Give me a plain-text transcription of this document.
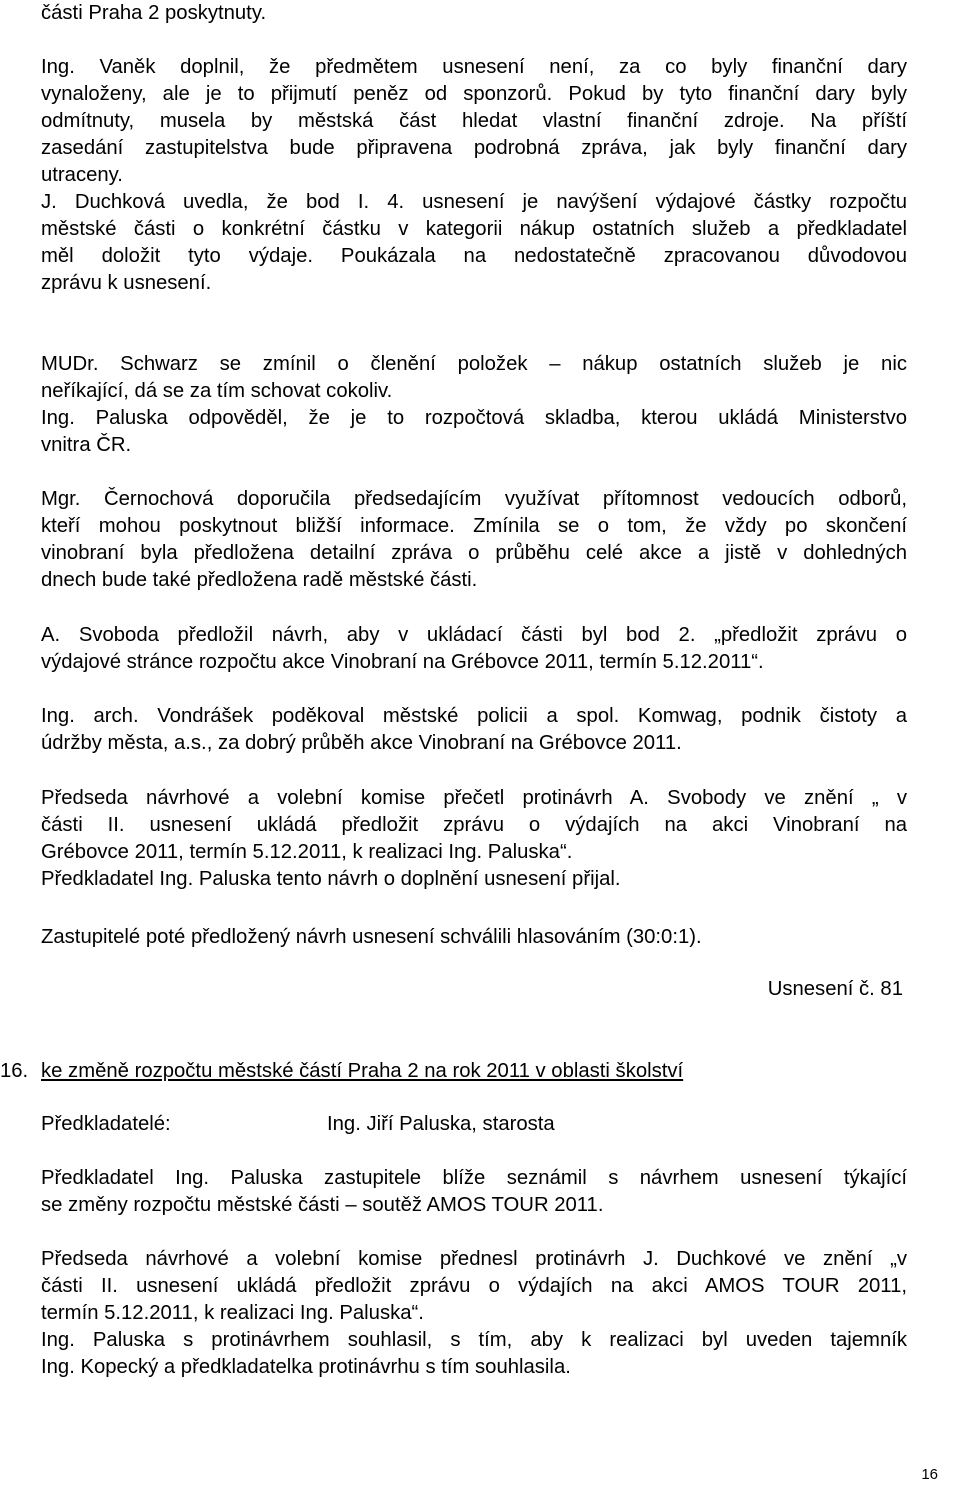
části Praha 2 poskytnuty.
Ing. Vaněk doplnil, že předmětem usnesení není, za co byly finanční dary
vynaloženy, ale je to přijmutí peněz od sponzorů. Pokud by tyto finanční dary byly
odmítnuty, musela by městská část hledat vlastní finanční zdroje. Na příští
zasedání zastupitelstva bude připravena podrobná zpráva, jak byly finanční dary
utraceny.
J. Duchková uvedla, že bod I. 4. usnesení je navýšení výdajové částky rozpočtu
městské části o konkrétní částku v kategorii nákup ostatních služeb a předkladatel
měl doložit tyto výdaje. Poukázala na nedostatečně zpracovanou důvodovou
zprávu k usnesení.
MUDr. Schwarz se zmínil o členění položek – nákup ostatních služeb je nic
neříkající, dá se za tím schovat cokoliv.
Ing. Paluska odpověděl, že je to rozpočtová skladba, kterou ukládá Ministerstvo
vnitra ČR.
Mgr. Černochová doporučila předsedajícím využívat přítomnost vedoucích odborů,
kteří mohou poskytnout bližší informace. Zmínila se o tom, že vždy po skončení
vinobraní byla předložena detailní zpráva o průběhu celé akce a jistě v dohledných
dnech bude také předložena radě městské části.
A. Svoboda předložil návrh, aby v ukládací části byl bod 2. „předložit zprávu o
výdajové stránce rozpočtu akce Vinobraní na Grébovce 2011, termín 5.12.2011“.
Ing. arch. Vondrášek poděkoval městské policii a spol. Komwag, podnik čistoty a
údržby města, a.s., za dobrý průběh akce Vinobraní na Grébovce 2011.
Předseda návrhové a volební komise přečetl protinávrh A. Svobody ve znění „ v
části II. usnesení ukládá předložit zprávu o výdajích na akci Vinobraní na
Grébovce 2011, termín 5.12.2011, k realizaci Ing. Paluska“.
Předkladatel Ing. Paluska tento návrh o doplnění usnesení přijal.
Zastupitelé poté předložený návrh usnesení schválili hlasováním (30:0:1).
Usnesení č. 81
16. ke změně rozpočtu městské částí Praha 2 na rok 2011 v oblasti školství
Předkladatelé:	Ing. Jiří Paluska, starosta
Předkladatel Ing. Paluska zastupitele blíže seznámil s návrhem usnesení týkající
se změny rozpočtu městské části – soutěž AMOS TOUR 2011.
Předseda návrhové a volební komise přednesl protinávrh J. Duchkové ve znění „v
části II. usnesení ukládá předložit zprávu o výdajích na akci AMOS TOUR 2011,
termín 5.12.2011, k realizaci Ing. Paluska“.
Ing. Paluska s protinávrhem souhlasil, s tím, aby k realizaci byl uveden tajemník
Ing. Kopecký a předkladatelka protinávrhu s tím souhlasila.
16
